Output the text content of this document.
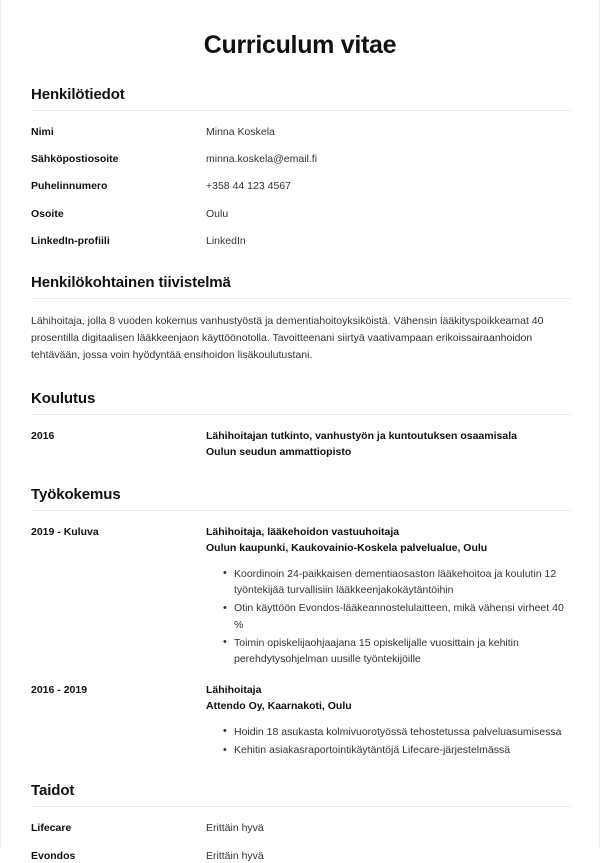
Curriculum vitae
Henkilötiedot
Nimi	Minna Koskela
Sähköpostiosoite	minna.koskela@email.fi
Puhelinnumero	+358 44 123 4567
Osoite	Oulu
LinkedIn-profiili	LinkedIn
Henkilökohtainen tiivistelmä

Lähihoitaja, jolla 8 vuoden kokemus vanhustyöstä ja dementiahoitoyksiköistä. Vähensin lääkityspoikkeamat 40 prosentilla digitaalisen lääkkeenjaon käyttöönotolla. Tavoitteenani siirtyä vaativampaan erikoissairaanhoidon tehtävään, jossa voin hyödyntää ensihoidon lisäkoulutustani.

Koulutus
2016	Lähihoitajan tutkinto, vanhustyön ja kuntoutuksen osaamisala
Oulun seudun ammattiopisto
Työkokemus
2019 - Kuluva	Lähihoitaja, lääkehoidon vastuuhoitaja
Oulun kaupunki, Kaukovainio-Koskela palvelualue, Oulu
• Koordinoin 24-paikkaisen dementiaosaston lääkehoitoa ja koulutin 12 työntekijää turvallisiin lääkkeenjakokäytäntöihin
• Otin käyttöön Evondos-lääkeannostelulaitteen, mikä vähensi virheet 40 %
• Toimin opiskelijaohjaajana 15 opiskelijalle vuosittain ja kehitin perehdytysohjelman uusille työntekijöille
2016 - 2019	Lähihoitaja
Attendo Oy, Kaarnakoti, Oulu
• Hoidin 18 asukasta kolmivuorotyössä tehostetussa palveluasumisessa
• Kehitin asiakasraportointikäytäntöjä Lifecare-järjestelmässä
Taidot
Lifecare	Erittäin hyvä
Evondos	Erittäin hyvä
